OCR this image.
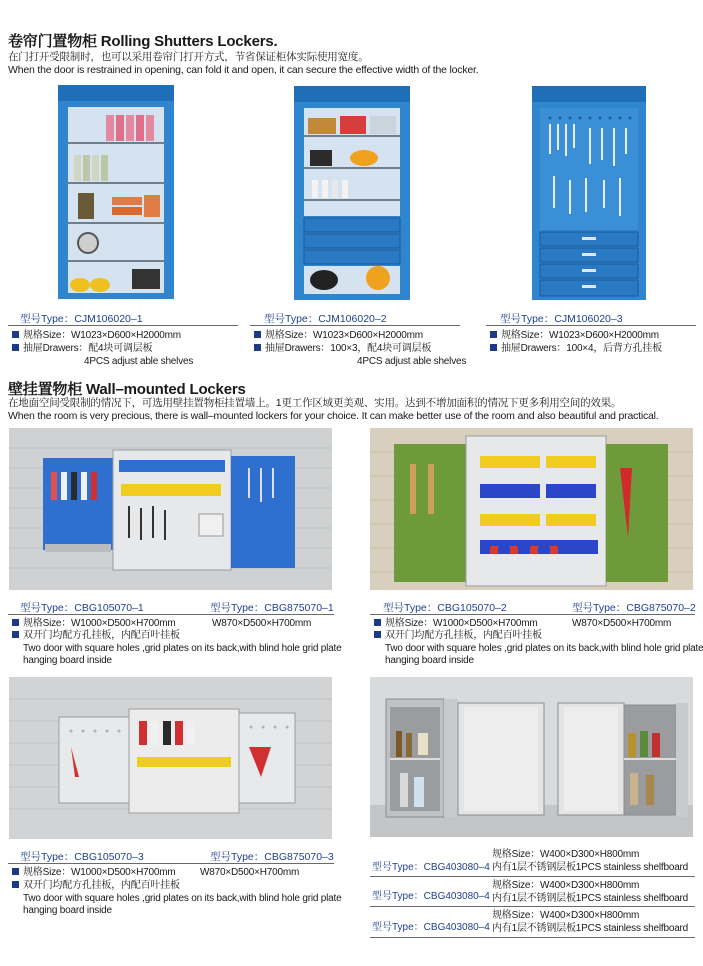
卷帘门置物柜 Rolling Shutters Lockers.
在门打开受限制时，也可以采用卷帘门打开方式，节省保证柜体实际使用宽度。
When the door is restrained in opening, can fold it and open, it can secure the effective width of the locker.
型号Type：CJM106020–1
规格Size：W1023×D600×H2000mm
抽屉Drawers：配4块可调层板
4PCS adjust able shelves
型号Type：CJM106020–2
规格Size：W1023×D600×H2000mm
抽屉Drawers：100×3，配4块可调层板
4PCS adjust able shelves
型号Type：CJM106020–3
规格Size：W1023×D600×H2000mm
抽屉Drawers：100×4，后背方孔挂板
壁挂置物柜 Wall–mounted Lockers
在地面空间受限制的情况下，可选用壁挂置物柜挂置墙上。1更工作区域更美观、实用。达到不增加面积的情况下更多利用空间的效果。
When the room is very precious, there is wall–mounted lockers for your choice. It can make better use of the room and also beautiful and practical.
型号Type：CBG105070–1	型号Type：CBG875070–1
规格Size：W1000×D500×H700mm	W870×D500×H700mm
双开门均配方孔挂板，内配百叶挂板
Two door with square holes ,grid plates on its back,with blind hole grid plate
hanging board inside
型号Type：CBG105070–2	型号Type：CBG875070–2
规格Size：W1000×D500×H700mm	W870×D500×H700mm
双开门均配方孔挂板，内配百叶挂板
Two door with square holes ,grid plates on its back,with blind hole grid plate
hanging board inside
型号Type：CBG105070–3	型号Type：CBG875070–3
规格Size：W1000×D500×H700mm W870×D500×H700mm
双开门均配方孔挂板，内配百叶挂板
Two door with square holes ,grid plates on its back,with blind hole grid plate
hanging board inside
型号Type：CBG403080–4
规格Size：W400×D300×H800mm
内有1层不锈钢层板1PCS stainless shelfboard
型号Type：CBG403080–4
规格Size：W400×D300×H800mm
内有1层不锈钢层板1PCS stainless shelfboard
型号Type：CBG403080–4
规格Size：W400×D300×H800mm
内有1层不锈钢层板1PCS stainless shelfboard
